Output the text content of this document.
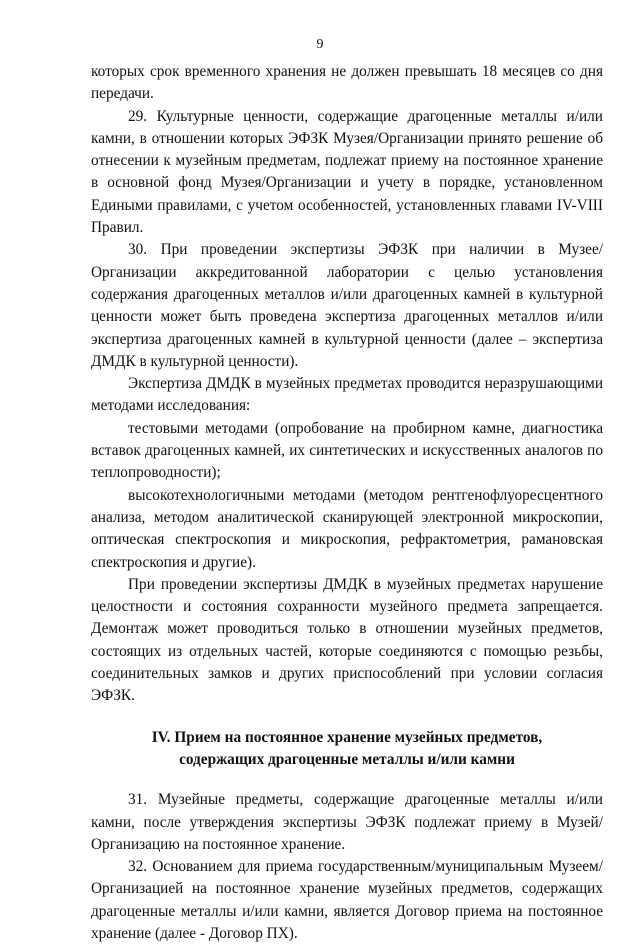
9

которых срок временного хранения не должен превышать 18 месяцев со дня передачи.

29. Культурные ценности, содержащие драгоценные металлы и/или камни, в отношении которых ЭФЗК Музея/Организации принято решение об отнесении к музейным предметам, подлежат приему на постоянное хранение в основной фонд Музея/Организации и учету в порядке, установленном Едиными правилами, с учетом особенностей, установленных главами IV-VIII Правил.

30. При проведении экспертизы ЭФЗК при наличии в Музее/Организации аккредитованной лаборатории с целью установления содержания драгоценных металлов и/или драгоценных камней в культурной ценности может быть проведена экспертиза драгоценных металлов и/или экспертиза драгоценных камней в культурной ценности (далее – экспертиза ДМДК в культурной ценности).

Экспертиза ДМДК в музейных предметах проводится неразрушающими методами исследования:

тестовыми методами (опробование на пробирном камне, диагностика вставок драгоценных камней, их синтетических и искусственных аналогов по теплопроводности);

высокотехнологичными методами (методом рентгенофлуоресцентного анализа, методом аналитической сканирующей электронной микроскопии, оптическая спектроскопия и микроскопия, рефрактометрия, рамановская спектроскопия и другие).

При проведении экспертизы ДМДК в музейных предметах нарушение целостности и состояния сохранности музейного предмета запрещается. Демонтаж может проводиться только в отношении музейных предметов, состоящих из отдельных частей, которые соединяются с помощью резьбы, соединительных замков и других приспособлений при условии согласия ЭФЗК.

IV. Прием на постоянное хранение музейных предметов,
содержащих драгоценные металлы и/или камни

31. Музейные предметы, содержащие драгоценные металлы и/или камни, после утверждения экспертизы ЭФЗК подлежат приему в Музей/Организацию на постоянное хранение.

32. Основанием для приема государственным/муниципальным Музеем/Организацией на постоянное хранение музейных предметов, содержащих драгоценные металлы и/или камни, является Договор приема на постоянное хранение (далее - Договор ПХ).
